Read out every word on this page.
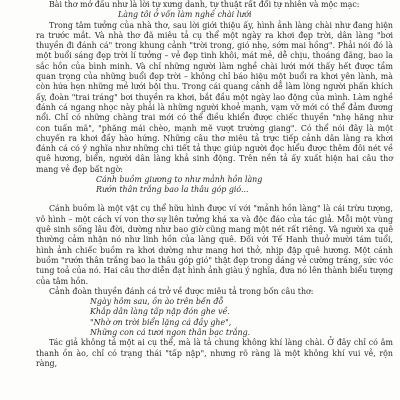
Bài thơ mở đầu như là lời tự xưng danh, tự thuật rất đổi tự nhiên và mộc mạc:

Làng tôi ở vốn làm nghề chài lưới

Trong tâm tưởng của nhà thơ, sau lời giới thiệu ấy, hình ảnh làng chài như đang hiện ra trước mắt. Và nhà thơ đã miêu tả cụ thể một ngày ra khơi đẹp trời, dân làng "bơi thuyền đi đánh cá" trong khung cảnh "trời trong, gió nhẹ, sớm mai hồng". Phải nói đó là một buổi sáng đẹp trời lí tưởng – vẻ đẹp tinh khôi, mát mẻ, dễ chịu, thoáng đãng, bao la sắc hồn của bình minh. Và chỉ những người làm nghề chài lưới mới thấy hết được tầm quan trọng của những buổi đẹp trời – không chỉ báo hiệu một buổi ra khơi yên lành, mà còn hứa hẹn những mẻ lưới bội thu. Trong cái quang cảnh dễ làm lòng người phấn khích ấy, đoàn "trai tráng" bơi thuyền ra khơi, bắt đầu một ngày lao động của mình. Làm nghề đánh cá ngang nhọc này phải là những người khoẻ mạnh, vạm vỡ mới có thể đảm đương nổi. Chỉ có những chàng trai mới có thể điều khiển được chiếc thuyền "nhẹ hăng như con tuấn mã", "phăng mái chèo, mạnh mẽ vượt trường giang". Có thể nói đây là một chuyến ra khơi đầy hào hứng. Những câu thơ miêu tả trực tiếp cảnh dân làng ra khơi đánh cá có ý nghĩa như những chi tiết tả thực giúp người đọc hiểu được thêm đôi nét về quê hương, biển, người dân làng khả sinh động. Trên nền tả ấy xuất hiện hai câu thơ mang vẻ đẹp bất ngờ:

Cánh buồm giương to như mảnh hồn làng
Rướn thân trắng bao la thâu góp gió...

Cánh buồm là một vật cụ thể hữu hình được ví với "mảnh hồn làng" là cái trừu tượng, vô hình – một cách ví von thơ sự liên tưởng khá xa và độc đáo của tác giả. Mỗi một vùng quê sinh sống lâu đời, dường như bao giờ cũng mang một nét rất riêng. Và người xa quê thường cảm nhận nó như linh hồn của làng quê. Đối với Tế Hanh thuở mười tám tuổi, hình ảnh chiếc buồm ra khơi dường như mang hơi thở, nhịp đập quê hương. Một cánh buồm "rướn thân trắng bao la thâu góp gió" thật đẹp trong dáng vẻ cường tráng, sức vóc tung toả của nó. Hai câu thơ diễn đạt hình ảnh giàu ý nghĩa, đưa nó lên thành biểu tượng của tâm hồn.

Cảnh đoàn thuyền đánh cá trở về được miêu tả trong bốn câu thơ:

Ngày hôm sau, ồn ào trên bến đỗ
Khắp dân làng tấp nập đón ghe về.
"Nhờ ơn trời biển lặng cá đầy ghe",
Những con cá tươi ngon thân bạc trắng.

Tác giả không tả một ai cụ thể, mà là tả chung không khí làng chài. Ở đây chỉ có âm thanh ồn ào, chỉ có trạng thái "tấp nập", nhưng rõ ràng là một không khí vui vẻ, rộn ràng,
